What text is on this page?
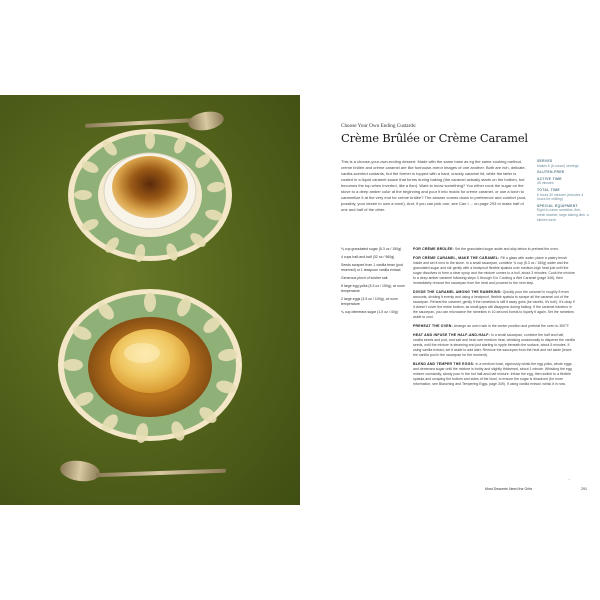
Choose Your Own Ending Custards:
Crème Brûlée or Crème Caramel
This is a choose-your-own-ending dessert. Made with the same base as eg the same cooking method, crème brûlée and crème caramel are like funhouse-mirror images of one another. Both are rich, delicate, vanilla-scented custards, but the former is topped with a hard, crackly caramel lid, while the latter is coated in a liquid caramel sauce that forms during baking (the caramel actually starts on the bottom, but becomes the top when inverted, like a flan). Want to know something? You either cook the sugar on the stove to a deep amber color at the beginning and pour it into molds for crème caramel, or use a torch to caramelize it at the very end for crème brûlée? The answer comes down to preference and comfort (and, possibly, your desire to own a torch). And, if you can pick one, see Can I ... on page 293 to make half of one and half of the other.
SERVES
Makes 6 (6-ounce) servings
GLUTEN-FREE
ACTIVE TIME
45 minutes
TOTAL TIME
6 hours 30 minutes (includes 4 hours for chilling)
SPECIAL EQUIPMENT
Eight 6-ounce ramekins, fine-mesh strainer, large baking dish, a kitchen torch
¾ cup granulated sugar (5.3 oz / 150g)
4 cups half-and-half (32 oz / 960g)
Seeds scraped from 1 vanilla bean (pod reserved) or 1 teaspoon vanilla extract
Generous pinch of kosher salt
8 large egg yolks (5.3 oz / 150g), at room temperature
2 large eggs (3.5 oz / 100g), at room temperature
¼ cup demerara sugar (1.5 oz / 40g)
FOR CRÈME BRÛLÉE: Set the granulated sugar aside and skip below to preheat the oven.
FOR CRÈME CARAMEL, MAKE THE CARAMEL: Fill a glass with water, place a pastry brush inside and set it next to the stove. In a small saucepan, combine ¾ cup (5.3 oz / 150g) water and the granulated sugar and stir gently with a heatproof flexible spatula over medium-high heat just until the sugar dissolves to form a clear syrup and the mixture comes to a boil, about 3 minutes. Cook the mixture to a deep amber caramel following steps 3 through 5 in Cooking a Wet Caramel (page 346), then immediately remove the saucepan from the heat and proceed to the next step.
DIVIDE THE CARAMEL AMONG THE RAMEKINS: Quickly pour the caramel in roughly 8 even amounts, dividing it evenly and using a heatproof, flexible spatula to scrape all the caramel out of the saucepan. Reheat the caramel, gently if the ramekins is still it away goes (be careful, it's hot!). It's okay if it doesn't cover the entire bottom, as small gaps will disappear during baking. If the caramel hardens in the saucepan, you can microwave the ramekins in 10-second bursts to liquefy it again. Set the ramekins aside to cool.
PREHEAT THE OVEN: Arrange an oven rack in the center position and preheat the oven to 300°F.
HEAT AND INFUSE THE HALF-AND-HALF: In a small saucepan, combine the half and half, vanilla seeds and pod, and salt and heat over medium heat, whisking occasionally to disperse the vanilla seeds, until the mixture is steaming and just starting to ripple beneath the surface, about 5 minutes. If using vanilla extract, set it aside to add later. Remove the saucepan from the heat and set aside (leave the vanilla pod in the saucepan for the moment).
BLEND AND TEMPER THE EGGS: In a medium bowl, vigorously whisk the egg yolks, whole eggs, and demerara sugar until the mixture is frothy and slightly thickened, about 1 minute. Whisking the egg mixture constantly, slowly pour in the hot half-and-half mixture. Infuse the egg, then switch to a flexible spatula and scraping the bottom and sides of the bowl, to ensure the sugar is dissolved (for more information, see Blanching and Tempering Eggs, page 349). If using vanilla extract, whisk it in now.
→
Most Desserts Need the Grits	291
